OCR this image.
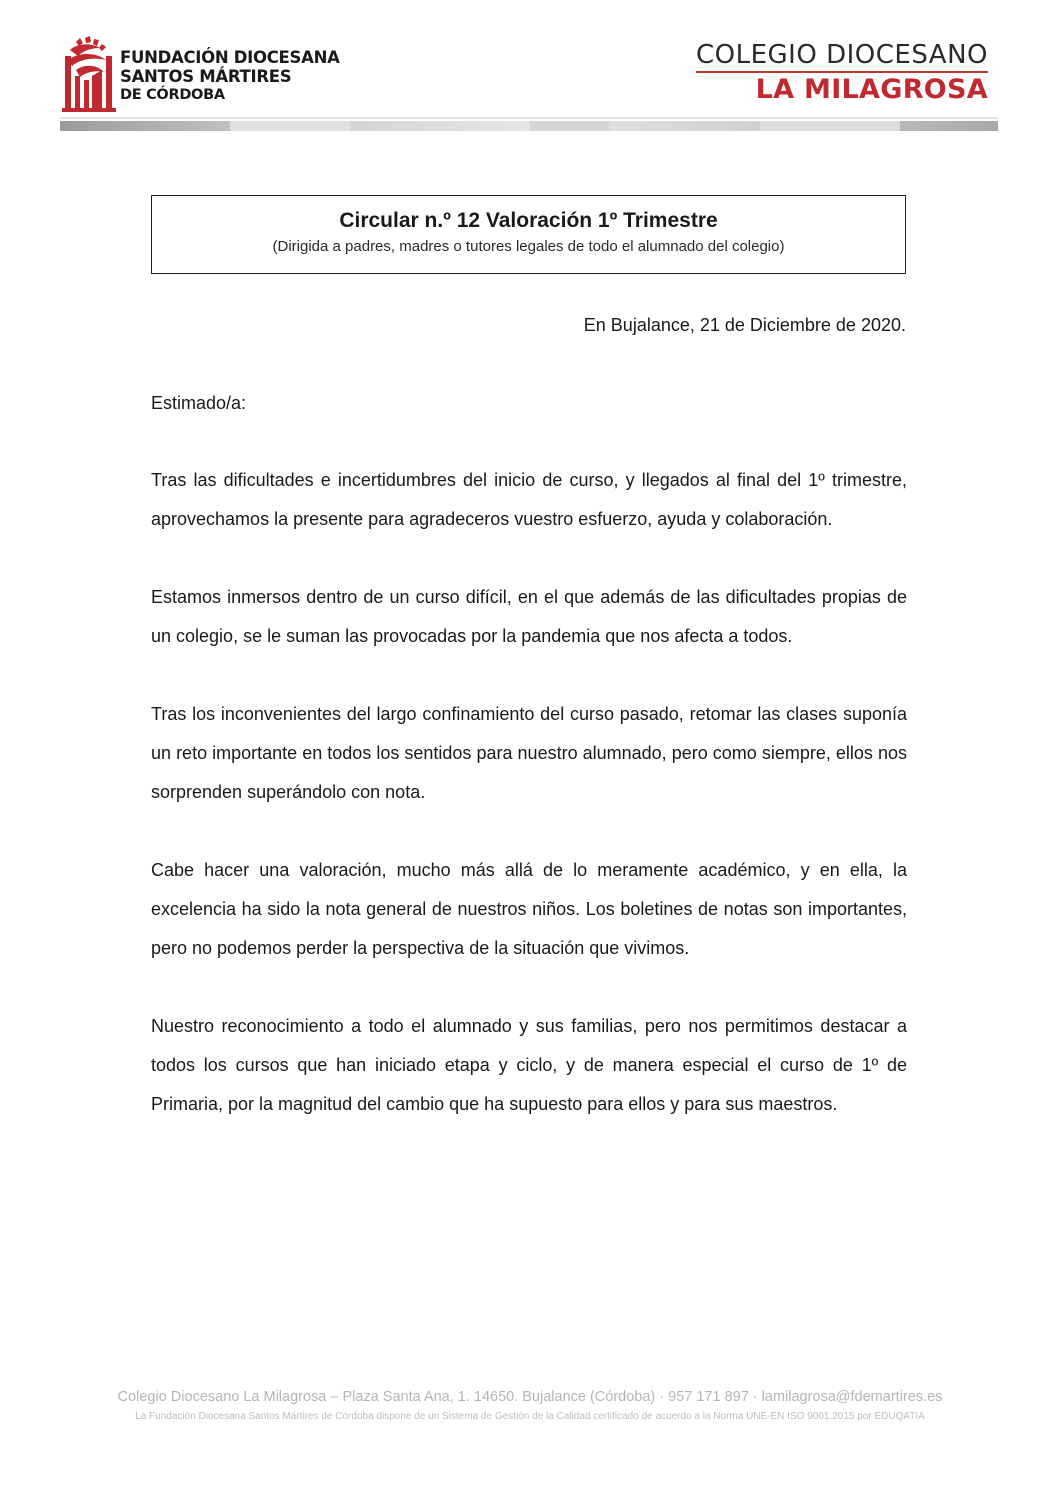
FUNDACIÓN DIOCESANA
SANTOS MÁRTIRES
DE CÓRDOBA
COLEGIO DIOCESANO
LA MILAGROSA
Circular n.º 12 Valoración 1º Trimestre
(Dirigida a padres, madres o tutores legales de todo el alumnado del colegio)
En Bujalance, 21 de Diciembre de 2020.
Estimado/a:

Tras las dificultades e incertidumbres del inicio de curso, y llegados al final del 1º trimestre, aprovechamos la presente para agradeceros vuestro esfuerzo, ayuda y colaboración.

Estamos inmersos dentro de un curso difícil, en el que además de las dificultades propias de un colegio, se le suman las provocadas por la pandemia que nos afecta a todos.

Tras los inconvenientes del largo confinamiento del curso pasado, retomar las clases suponía un reto importante en todos los sentidos para nuestro alumnado, pero como siempre, ellos nos sorprenden superándolo con nota.

Cabe hacer una valoración, mucho más allá de lo meramente académico, y en ella, la excelencia ha sido la nota general de nuestros niños. Los boletines de notas son importantes, pero no podemos perder la perspectiva de la situación que vivimos.

Nuestro reconocimiento a todo el alumnado y sus familias, pero nos permitimos destacar a todos los cursos que han iniciado etapa y ciclo, y de manera especial el curso de 1º de Primaria, por la magnitud del cambio que ha supuesto para ellos y para sus maestros.

Colegio Diocesano La Milagrosa – Plaza Santa Ana, 1. 14650. Bujalance (Córdoba) · 957 171 897 · lamilagrosa@fdemartires.es
La Fundación Diocesana Santos Mártires de Córdoba dispone de un Sistema de Gestión de la Calidad certificado de acuerdo a la Norma UNE-EN ISO 9001:2015 por EDUQATIA
